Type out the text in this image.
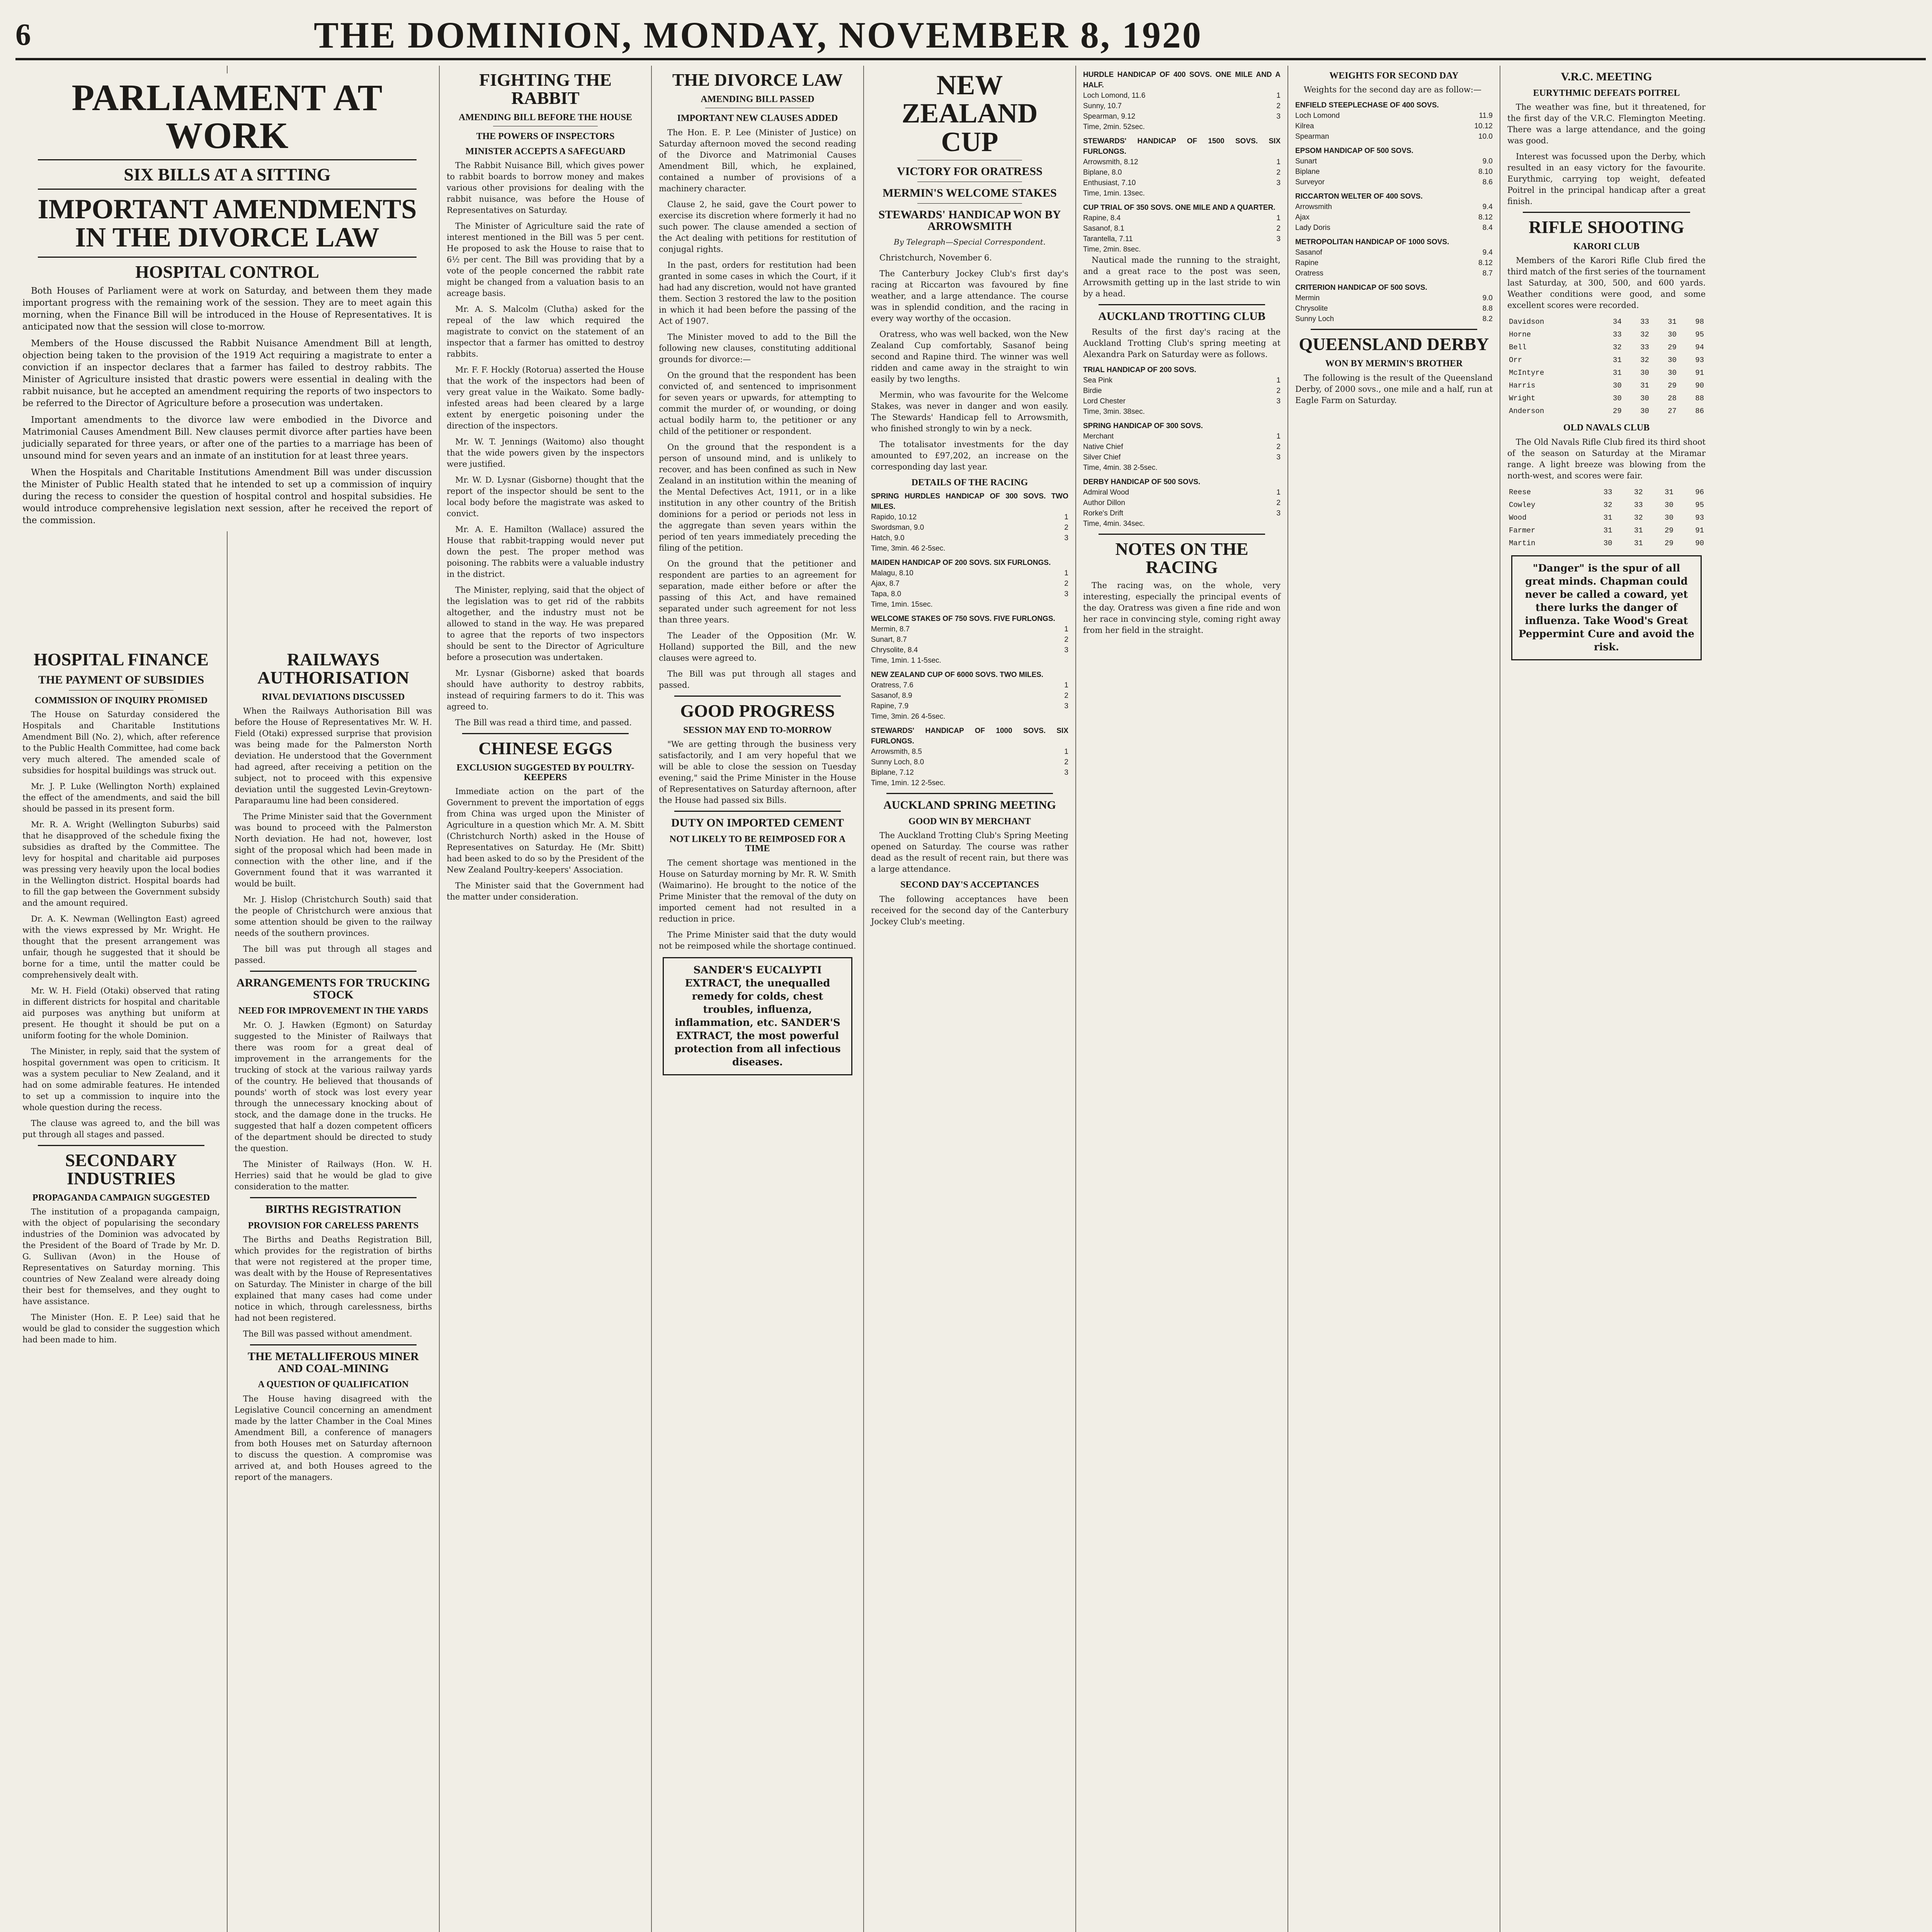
6	THE DOMINION, MONDAY, NOVEMBER 8, 1920
HOSPITAL FINANCE
THE PAYMENT OF SUBSIDIES
COMMISSION OF INQUIRY PROMISED

The House on Saturday considered the Hospitals and Charitable Institutions Amendment Bill (No. 2), which, after reference to the Public Health Committee, had come back very much altered. The amended scale of subsidies for hospital buildings was struck out.

Mr. J. P. Luke (Wellington North) explained the effect of the amendments, and said the bill should be passed in its present form.

Mr. R. A. Wright (Wellington Suburbs) said that he disapproved of the schedule fixing the subsidies as drafted by the Committee. The levy for hospital and charitable aid purposes was pressing very heavily upon the local bodies in the Wellington district. Hospital boards had to fill the gap between the Government subsidy and the amount required.

Dr. A. K. Newman (Wellington East) agreed with the views expressed by Mr. Wright. He thought that the present arrangement was unfair, though he suggested that it should be borne for a time, until the matter could be comprehensively dealt with.

Mr. W. H. Field (Otaki) observed that rating in different districts for hospital and charitable aid purposes was anything but uniform at present. He thought it should be put on a uniform footing for the whole Dominion.

The Minister, in reply, said that the system of hospital government was open to criticism. It was a system peculiar to New Zealand, and it had on some admirable features. He intended to set up a commission to inquire into the whole question during the recess.

The clause was agreed to, and the bill was put through all stages and passed.

SECONDARY INDUSTRIES
PROPAGANDA CAMPAIGN SUGGESTED

The institution of a propaganda campaign, with the object of popularising the secondary industries of the Dominion was advocated by the President of the Board of Trade by Mr. D. G. Sullivan (Avon) in the House of Representatives on Saturday morning. This countries of New Zealand were already doing their best for themselves, and they ought to have assistance.

The Minister (Hon. E. P. Lee) said that he would be glad to consider the suggestion which had been made to him.

RAILWAYS AUTHORISATION
RIVAL DEVIATIONS DISCUSSED

When the Railways Authorisation Bill was before the House of Representatives Mr. W. H. Field (Otaki) expressed surprise that provision was being made for the Palmerston North deviation. He understood that the Government had agreed, after receiving a petition on the subject, not to proceed with this expensive deviation until the suggested Levin-Greytown-Paraparaumu line had been considered.

The Prime Minister said that the Government was bound to proceed with the Palmerston North deviation. He had not, however, lost sight of the proposal which had been made in connection with the other line, and if the Government found that it was warranted it would be built.

Mr. J. Hislop (Christchurch South) said that the people of Christchurch were anxious that some attention should be given to the railway needs of the southern provinces.

The bill was put through all stages and passed.

ARRANGEMENTS FOR TRUCKING STOCK
NEED FOR IMPROVEMENT IN THE YARDS

Mr. O. J. Hawken (Egmont) on Saturday suggested to the Minister of Railways that there was room for a great deal of improvement in the arrangements for the trucking of stock at the various railway yards of the country. He believed that thousands of pounds' worth of stock was lost every year through the unnecessary knocking about of stock, and the damage done in the trucks. He suggested that half a dozen competent officers of the department should be directed to study the question.

The Minister of Railways (Hon. W. H. Herries) said that he would be glad to give consideration to the matter.

BIRTHS REGISTRATION
PROVISION FOR CARELESS PARENTS

The Births and Deaths Registration Bill, which provides for the registration of births that were not registered at the proper time, was dealt with by the House of Representatives on Saturday. The Minister in charge of the bill explained that many cases had come under notice in which, through carelessness, births had not been registered.

The Bill was passed without amendment.

THE METALLIFEROUS MINER AND COAL-MINING
A QUESTION OF QUALIFICATION

The House having disagreed with the Legislative Council concerning an amendment made by the latter Chamber in the Coal Mines Amendment Bill, a conference of managers from both Houses met on Saturday afternoon to discuss the question. A compromise was arrived at, and both Houses agreed to the report of the managers.

FIGHTING THE RABBIT
AMENDING BILL BEFORE THE HOUSE
THE POWERS OF INSPECTORS
MINISTER ACCEPTS A SAFEGUARD

The Rabbit Nuisance Bill, which gives power to rabbit boards to borrow money and makes various other provisions for dealing with the rabbit nuisance, was before the House of Representatives on Saturday.

The Minister of Agriculture said the rate of interest mentioned in the Bill was 5 per cent. He proposed to ask the House to raise that to 6½ per cent. The Bill was providing that by a vote of the people concerned the rabbit rate might be changed from a valuation basis to an acreage basis.

Mr. A. S. Malcolm (Clutha) asked for the repeal of the law which required the magistrate to convict on the statement of an inspector that a farmer has omitted to destroy rabbits.

Mr. F. F. Hockly (Rotorua) asserted the House that the work of the inspectors had been of very great value in the Waikato. Some badly-infested areas had been cleared by a large extent by energetic poisoning under the direction of the inspectors.

Mr. W. T. Jennings (Waitomo) also thought that the wide powers given by the inspectors were justified.

Mr. W. D. Lysnar (Gisborne) thought that the report of the inspector should be sent to the local body before the magistrate was asked to convict.

Mr. A. E. Hamilton (Wallace) assured the House that rabbit-trapping would never put down the pest. The proper method was poisoning. The rabbits were a valuable industry in the district.

The Minister, replying, said that the object of the legislation was to get rid of the rabbits altogether, and the industry must not be allowed to stand in the way. He was prepared to agree that the reports of two inspectors should be sent to the Director of Agriculture before a prosecution was undertaken.

Mr. Lysnar (Gisborne) asked that boards should have authority to destroy rabbits, instead of requiring farmers to do it. This was agreed to.

The Bill was read a third time, and passed.

CHINESE EGGS
EXCLUSION SUGGESTED BY POULTRY-KEEPERS

Immediate action on the part of the Government to prevent the importation of eggs from China was urged upon the Minister of Agriculture in a question which Mr. A. M. Sbitt (Christchurch North) asked in the House of Representatives on Saturday. He (Mr. Sbitt) had been asked to do so by the President of the New Zealand Poultry-keepers' Association.

The Minister said that the Government had the matter under consideration.

THE DIVORCE LAW
AMENDING BILL PASSED
IMPORTANT NEW CLAUSES ADDED

The Hon. E. P. Lee (Minister of Justice) on Saturday afternoon moved the second reading of the Divorce and Matrimonial Causes Amendment Bill, which, he explained, contained a number of provisions of a machinery character.

Clause 2, he said, gave the Court power to exercise its discretion where formerly it had no such power. The clause amended a section of the Act dealing with petitions for restitution of conjugal rights.

In the past, orders for restitution had been granted in some cases in which the Court, if it had had any discretion, would not have granted them. Section 3 restored the law to the position in which it had been before the passing of the Act of 1907.

The Minister moved to add to the Bill the following new clauses, constituting additional grounds for divorce:—

On the ground that the respondent has been convicted of, and sentenced to imprisonment for seven years or upwards, for attempting to commit the murder of, or wounding, or doing actual bodily harm to, the petitioner or any child of the petitioner or respondent.

On the ground that the respondent is a person of unsound mind, and is unlikely to recover, and has been confined as such in New Zealand in an institution within the meaning of the Mental Defectives Act, 1911, or in a like institution in any other country of the British dominions for a period or periods not less in the aggregate than seven years within the period of ten years immediately preceding the filing of the petition.

On the ground that the petitioner and respondent are parties to an agreement for separation, made either before or after the passing of this Act, and have remained separated under such agreement for not less than three years.

The Leader of the Opposition (Mr. W. Holland) supported the Bill, and the new clauses were agreed to.

The Bill was put through all stages and passed.

GOOD PROGRESS
SESSION MAY END TO-MORROW

"We are getting through the business very satisfactorily, and I am very hopeful that we will be able to close the session on Tuesday evening," said the Prime Minister in the House of Representatives on Saturday afternoon, after the House had passed six Bills.

DUTY ON IMPORTED CEMENT
NOT LIKELY TO BE REIMPOSED FOR A TIME

The cement shortage was mentioned in the House on Saturday morning by Mr. R. W. Smith (Waimarino). He brought to the notice of the Prime Minister that the removal of the duty on imported cement had not resulted in a reduction in price.

The Prime Minister said that the duty would not be reimposed while the shortage continued.

SANDER'S EUCALYPTI EXTRACT, the unequalled remedy for colds, chest troubles, influenza, inflammation, etc. SANDER'S EXTRACT, the most powerful protection from all infectious diseases.
NEW ZEALAND CUP
VICTORY FOR ORATRESS
MERMIN'S WELCOME STAKES
STEWARDS' HANDICAP WON BY ARROWSMITH

By Telegraph—Special Correspondent.

Christchurch, November 6.

The Canterbury Jockey Club's first day's racing at Riccarton was favoured by fine weather, and a large attendance. The course was in splendid condition, and the racing in every way worthy of the occasion.

Oratress, who was well backed, won the New Zealand Cup comfortably, Sasanof being second and Rapine third. The winner was well ridden and came away in the straight to win easily by two lengths.

Mermin, who was favourite for the Welcome Stakes, was never in danger and won easily. The Stewards' Handicap fell to Arrowsmith, who finished strongly to win by a neck.

The totalisator investments for the day amounted to £97,202, an increase on the corresponding day last year.

DETAILS OF THE RACING
SPRING HURDLES HANDICAP OF 300 SOVS. TWO MILES.
Rapido, 10.12	1
Swordsman, 9.0	2
Hatch, 9.0	3
Time, 3min. 46 2-5sec.
MAIDEN HANDICAP OF 200 SOVS. SIX FURLONGS.
Malagu, 8.10	1
Ajax, 8.7	2
Tapa, 8.0	3
Time, 1min. 15sec.
WELCOME STAKES OF 750 SOVS. FIVE FURLONGS.
Mermin, 8.7	1
Sunart, 8.7	2
Chrysolite, 8.4	3
Time, 1min. 1 1-5sec.
NEW ZEALAND CUP OF 6000 SOVS. TWO MILES.
Oratress, 7.6	1
Sasanof, 8.9	2
Rapine, 7.9	3
Time, 3min. 26 4-5sec.
STEWARDS' HANDICAP OF 1000 SOVS. SIX FURLONGS.
Arrowsmith, 8.5	1
Sunny Loch, 8.0	2
Biplane, 7.12	3
Time, 1min. 12 2-5sec.
AUCKLAND SPRING MEETING
GOOD WIN BY MERCHANT

The Auckland Trotting Club's Spring Meeting opened on Saturday. The course was rather dead as the result of recent rain, but there was a large attendance.

SECOND DAY'S ACCEPTANCES

The following acceptances have been received for the second day of the Canterbury Jockey Club's meeting.

HURDLE HANDICAP OF 400 SOVS. ONE MILE AND A HALF.
Loch Lomond, 11.6	1
Sunny, 10.7	2
Spearman, 9.12	3
Time, 2min. 52sec.
STEWARDS' HANDICAP OF 1500 SOVS. SIX FURLONGS.
Arrowsmith, 8.12	1
Biplane, 8.0	2
Enthusiast, 7.10	3
Time, 1min. 13sec.
CUP TRIAL OF 350 SOVS. ONE MILE AND A QUARTER.
Rapine, 8.4	1
Sasanof, 8.1	2
Tarantella, 7.11	3
Time, 2min. 8sec.

Nautical made the running to the straight, and a great race to the post was seen, Arrowsmith getting up in the last stride to win by a head.

AUCKLAND TROTTING CLUB

Results of the first day's racing at the Auckland Trotting Club's spring meeting at Alexandra Park on Saturday were as follows.

TRIAL HANDICAP OF 200 SOVS.
Sea Pink	1
Birdie	2
Lord Chester	3
Time, 3min. 38sec.
SPRING HANDICAP OF 300 SOVS.
Merchant	1
Native Chief	2
Silver Chief	3
Time, 4min. 38 2-5sec.
DERBY HANDICAP OF 500 SOVS.
Admiral Wood	1
Author Dillon	2
Rorke's Drift	3
Time, 4min. 34sec.
NOTES ON THE RACING

The racing was, on the whole, very interesting, especially the principal events of the day. Oratress was given a fine ride and won her race in convincing style, coming right away from her field in the straight.

WEIGHTS FOR SECOND DAY

Weights for the second day are as follow:—

ENFIELD STEEPLECHASE OF 400 SOVS.
Loch Lomond	11.9
Kilrea	10.12
Spearman	10.0
EPSOM HANDICAP OF 500 SOVS.
Sunart	9.0
Biplane	8.10
Surveyor	8.6
RICCARTON WELTER OF 400 SOVS.
Arrowsmith	9.4
Ajax	8.12
Lady Doris	8.4
METROPOLITAN HANDICAP OF 1000 SOVS.
Sasanof	9.4
Rapine	8.12
Oratress	8.7
CRITERION HANDICAP OF 500 SOVS.
Mermin	9.0
Chrysolite	8.8
Sunny Loch	8.2
QUEENSLAND DERBY
WON BY MERMIN'S BROTHER

The following is the result of the Queensland Derby, of 2000 sovs., one mile and a half, run at Eagle Farm on Saturday.

V.R.C. MEETING
EURYTHMIC DEFEATS POITREL

The weather was fine, but it threatened, for the first day of the V.R.C. Flemington Meeting. There was a large attendance, and the going was good.

Interest was focussed upon the Derby, which resulted in an easy victory for the favourite. Eurythmic, carrying top weight, defeated Poitrel in the principal handicap after a great finish.

RIFLE SHOOTING
KARORI CLUB

Members of the Karori Rifle Club fired the third match of the first series of the tournament last Saturday, at 300, 500, and 600 yards. Weather conditions were good, and some excellent scores were recorded.

Davidson	34	33	31	98
Horne	33	32	30	95
Bell	32	33	29	94
Orr	31	32	30	93
McIntyre	31	30	30	91
Harris	30	31	29	90
Wright	30	30	28	88
Anderson	29	30	27	86
OLD NAVALS CLUB

The Old Navals Rifle Club fired its third shoot of the season on Saturday at the Miramar range. A light breeze was blowing from the north-west, and scores were fair.

Reese	33	32	31	96
Cowley	32	33	30	95
Wood	31	32	30	93
Farmer	31	31	29	91
Martin	30	31	29	90
"Danger" is the spur of all great minds. Chapman could never be called a coward, yet there lurks the danger of influenza. Take Wood's Great Peppermint Cure and avoid the risk.
PARLIAMENT AT WORK
SIX BILLS AT A SITTING
IMPORTANT AMENDMENTS IN THE DIVORCE LAW
HOSPITAL CONTROL

Both Houses of Parliament were at work on Saturday, and between them they made important progress with the remaining work of the session. They are to meet again this morning, when the Finance Bill will be introduced in the House of Representatives. It is anticipated now that the session will close to-morrow.

Members of the House discussed the Rabbit Nuisance Amendment Bill at length, objection being taken to the provision of the 1919 Act requiring a magistrate to enter a conviction if an inspector declares that a farmer has failed to destroy rabbits. The Minister of Agriculture insisted that drastic powers were essential in dealing with the rabbit nuisance, but he accepted an amendment requiring the reports of two inspectors to be referred to the Director of Agriculture before a prosecution was undertaken.

Important amendments to the divorce law were embodied in the Divorce and Matrimonial Causes Amendment Bill. New clauses permit divorce after parties have been judicially separated for three years, or after one of the parties to a marriage has been of unsound mind for seven years and an inmate of an institution for at least three years.

When the Hospitals and Charitable Institutions Amendment Bill was under discussion the Minister of Public Health stated that he intended to set up a commission of inquiry during the recess to consider the question of hospital control and hospital subsidies. He would introduce comprehensive legislation next session, after he received the report of the commission.
